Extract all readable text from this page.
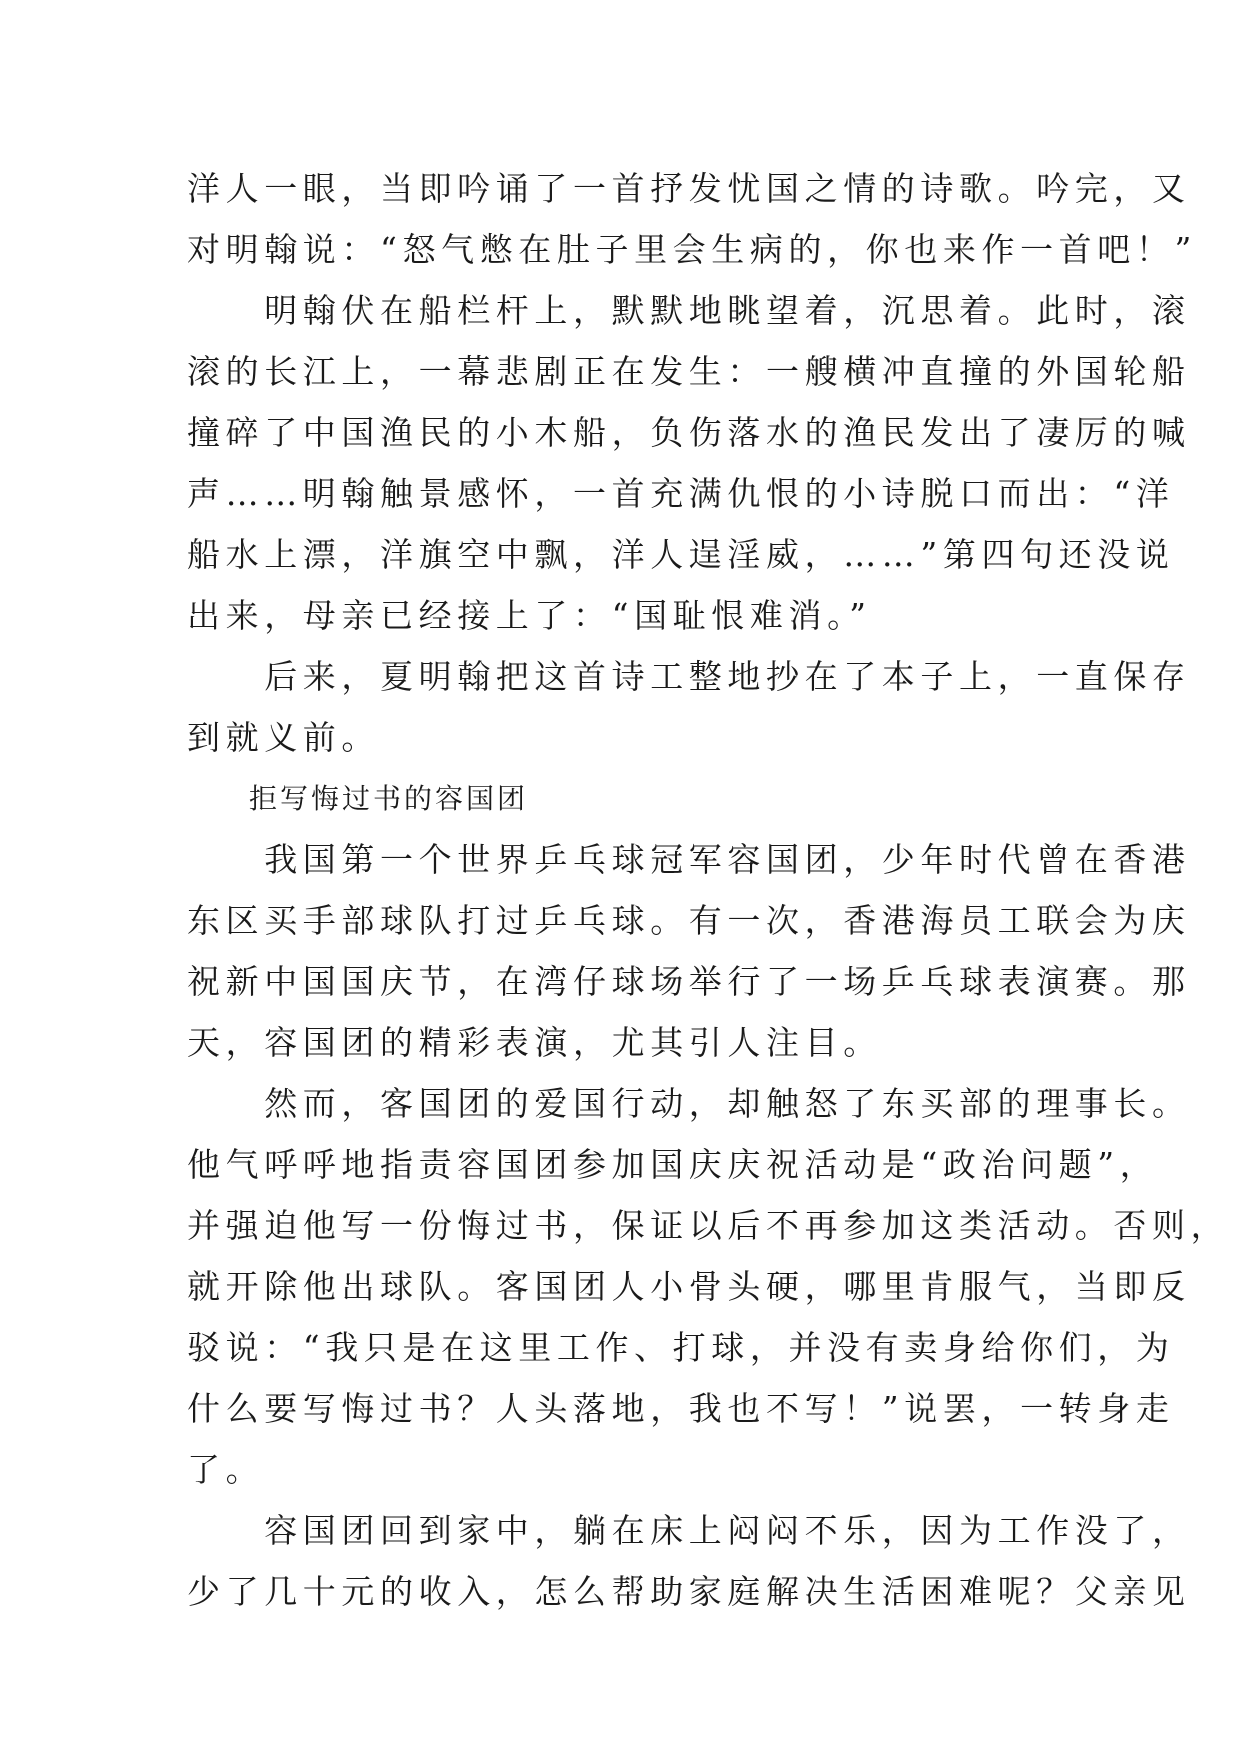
洋人一眼，当即吟诵了一首抒发忧国之情的诗歌。吟完，又
对明翰说：“怒气憋在肚子里会生病的，你也来作一首吧！”
　　明翰伏在船栏杆上，默默地眺望着，沉思着。此时，滚
滚的长江上，一幕悲剧正在发生：一艘横冲直撞的外国轮船
撞碎了中国渔民的小木船，负伤落水的渔民发出了凄厉的喊
声……明翰触景感怀，一首充满仇恨的小诗脱口而出：“洋
船水上漂，洋旗空中飘，洋人逞淫威，……”第四句还没说
出来，母亲已经接上了：“国耻恨难消。”
　　后来，夏明翰把这首诗工整地抄在了本子上，一直保存
到就义前。
　　拒写悔过书的容国团
　　我国第一个世界乒乓球冠军容国团，少年时代曾在香港
东区买手部球队打过乒乓球。有一次，香港海员工联会为庆
祝新中国国庆节，在湾仔球场举行了一场乒乓球表演赛。那
天，容国团的精彩表演，尤其引人注目。
　　然而，客国团的爱国行动，却触怒了东买部的理事长。
他气呼呼地指责容国团参加国庆庆祝活动是“政治问题”，
并强迫他写一份悔过书，保证以后不再参加这类活动。否则，
就开除他出球队。客国团人小骨头硬，哪里肯服气，当即反
驳说：“我只是在这里工作、打球，并没有卖身给你们，为
什么要写悔过书？人头落地，我也不写！”说罢，一转身走
了。
　　容国团回到家中，躺在床上闷闷不乐，因为工作没了，
少了几十元的收入，怎么帮助家庭解决生活困难呢？父亲见
